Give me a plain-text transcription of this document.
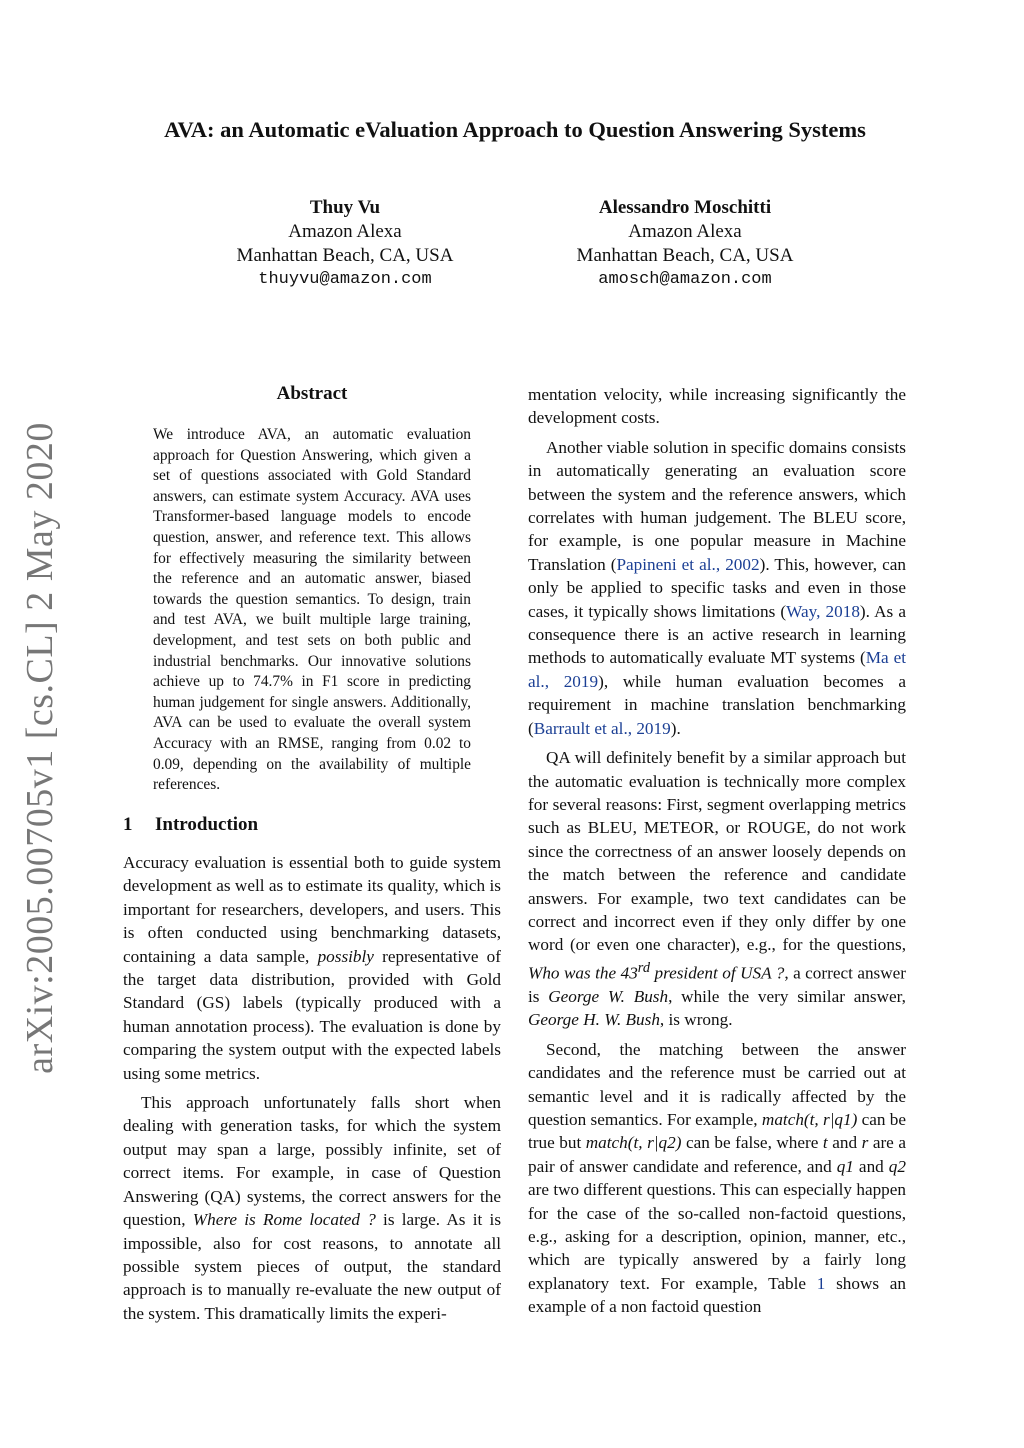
arXiv:2005.00705v1 [cs.CL] 2 May 2020
AVA: an Automatic eValuation Approach to Question Answering Systems
Thuy Vu
Amazon Alexa
Manhattan Beach, CA, USA
thuyvu@amazon.com
Alessandro Moschitti
Amazon Alexa
Manhattan Beach, CA, USA
amosch@amazon.com
Abstract
We introduce AVA, an automatic evaluation approach for Question Answering, which given a set of questions associated with Gold Standard answers, can estimate system Accuracy. AVA uses Transformer-based language models to encode question, answer, and reference text. This allows for effectively measuring the similarity between the reference and an automatic answer, biased towards the question semantics. To design, train and test AVA, we built multiple large training, development, and test sets on both public and industrial benchmarks. Our innovative solutions achieve up to 74.7% in F1 score in predicting human judgement for single answers. Additionally, AVA can be used to evaluate the overall system Accuracy with an RMSE, ranging from 0.02 to 0.09, depending on the availability of multiple references.
1 Introduction

Accuracy evaluation is essential both to guide system development as well as to estimate its quality, which is important for researchers, developers, and users. This is often conducted using benchmarking datasets, containing a data sample, possibly representative of the target data distribution, provided with Gold Standard (GS) labels (typically produced with a human annotation process). The evaluation is done by comparing the system output with the expected labels using some metrics.

This approach unfortunately falls short when dealing with generation tasks, for which the system output may span a large, possibly infinite, set of correct items. For example, in case of Question Answering (QA) systems, the correct answers for the question, Where is Rome located ? is large. As it is impossible, also for cost reasons, to annotate all possible system pieces of output, the standard approach is to manually re-evaluate the new output of the system. This dramatically limits the experi-

mentation velocity, while increasing significantly the development costs.

Another viable solution in specific domains consists in automatically generating an evaluation score between the system and the reference answers, which correlates with human judgement. The BLEU score, for example, is one popular measure in Machine Translation (Papineni et al., 2002). This, however, can only be applied to specific tasks and even in those cases, it typically shows limitations (Way, 2018). As a consequence there is an active research in learning methods to automatically evaluate MT systems (Ma et al., 2019), while human evaluation becomes a requirement in machine translation benchmarking (Barrault et al., 2019).

QA will definitely benefit by a similar approach but the automatic evaluation is technically more complex for several reasons: First, segment overlapping metrics such as BLEU, METEOR, or ROUGE, do not work since the correctness of an answer loosely depends on the match between the reference and candidate answers. For example, two text candidates can be correct and incorrect even if they only differ by one word (or even one character), e.g., for the questions, Who was the 43rd president of USA ?, a correct answer is George W. Bush, while the very similar answer, George H. W. Bush, is wrong.

Second, the matching between the answer candidates and the reference must be carried out at semantic level and it is radically affected by the question semantics. For example, match(t, r|q1) can be true but match(t, r|q2) can be false, where t and r are a pair of answer candidate and reference, and q1 and q2 are two different questions. This can especially happen for the case of the so-called non-factoid questions, e.g., asking for a description, opinion, manner, etc., which are typically answered by a fairly long explanatory text. For example, Table 1 shows an example of a non factoid question
